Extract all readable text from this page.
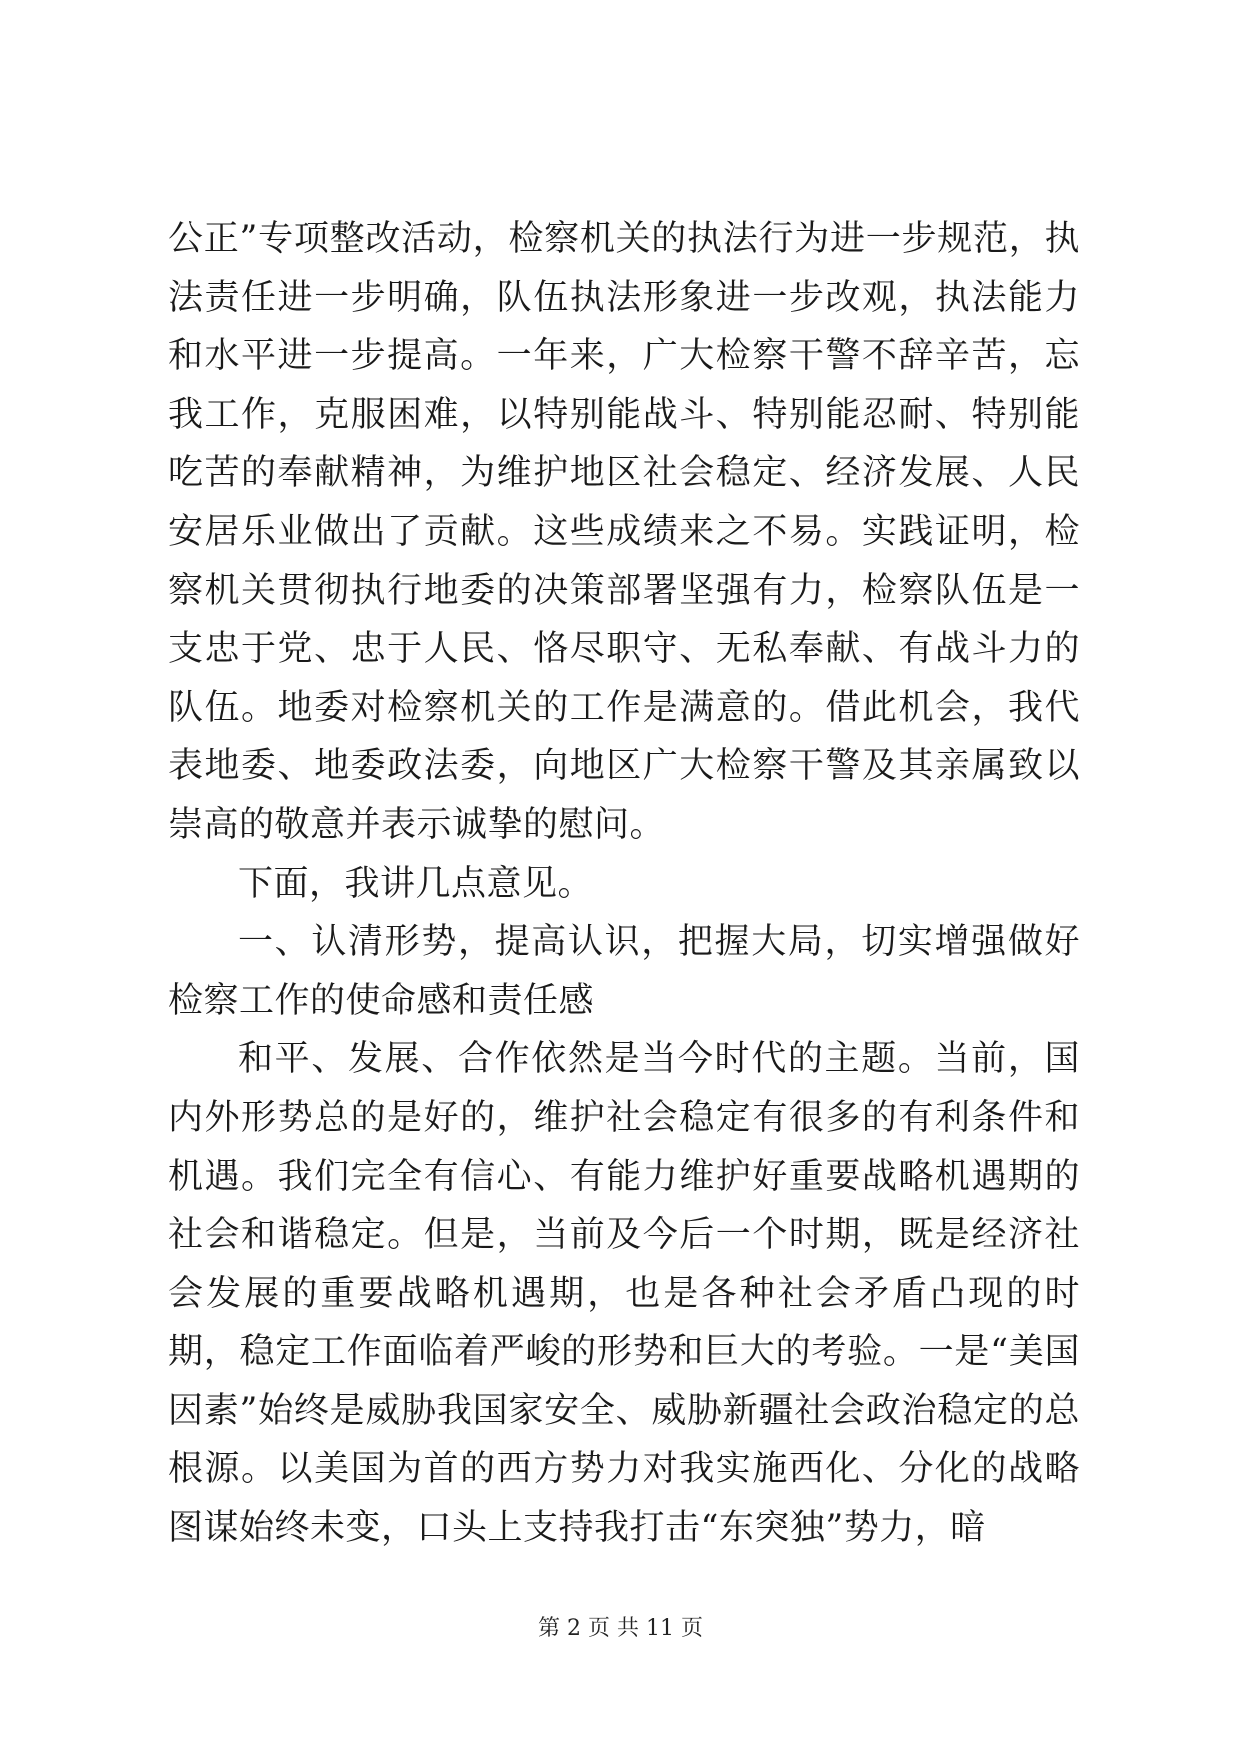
公正”专项整改活动，检察机关的执法行为进一步规范，执法责任进一步明确，队伍执法形象进一步改观，执法能力和水平进一步提高。一年来，广大检察干警不辞辛苦，忘我工作，克服困难，以特别能战斗、特别能忍耐、特别能吃苦的奉献精神，为维护地区社会稳定、经济发展、人民安居乐业做出了贡献。这些成绩来之不易。实践证明，检察机关贯彻执行地委的决策部署坚强有力，检察队伍是一支忠于党、忠于人民、恪尽职守、无私奉献、有战斗力的队伍。地委对检察机关的工作是满意的。借此机会，我代表地委、地委政法委，向地区广大检察干警及其亲属致以崇高的敬意并表示诚挚的慰问。

下面，我讲几点意见。

一、认清形势，提高认识，把握大局，切实增强做好检察工作的使命感和责任感

和平、发展、合作依然是当今时代的主题。当前，国内外形势总的是好的，维护社会稳定有很多的有利条件和机遇。我们完全有信心、有能力维护好重要战略机遇期的社会和谐稳定。但是，当前及今后一个时期，既是经济社会发展的重要战略机遇期，也是各种社会矛盾凸现的时期，稳定工作面临着严峻的形势和巨大的考验。一是“美国因素”始终是威胁我国家安全、威胁新疆社会政治稳定的总根源。以美国为首的西方势力对我实施西化、分化的战略图谋始终未变，口头上支持我打击“东突独”势力，暗

第 2 页 共 11 页
